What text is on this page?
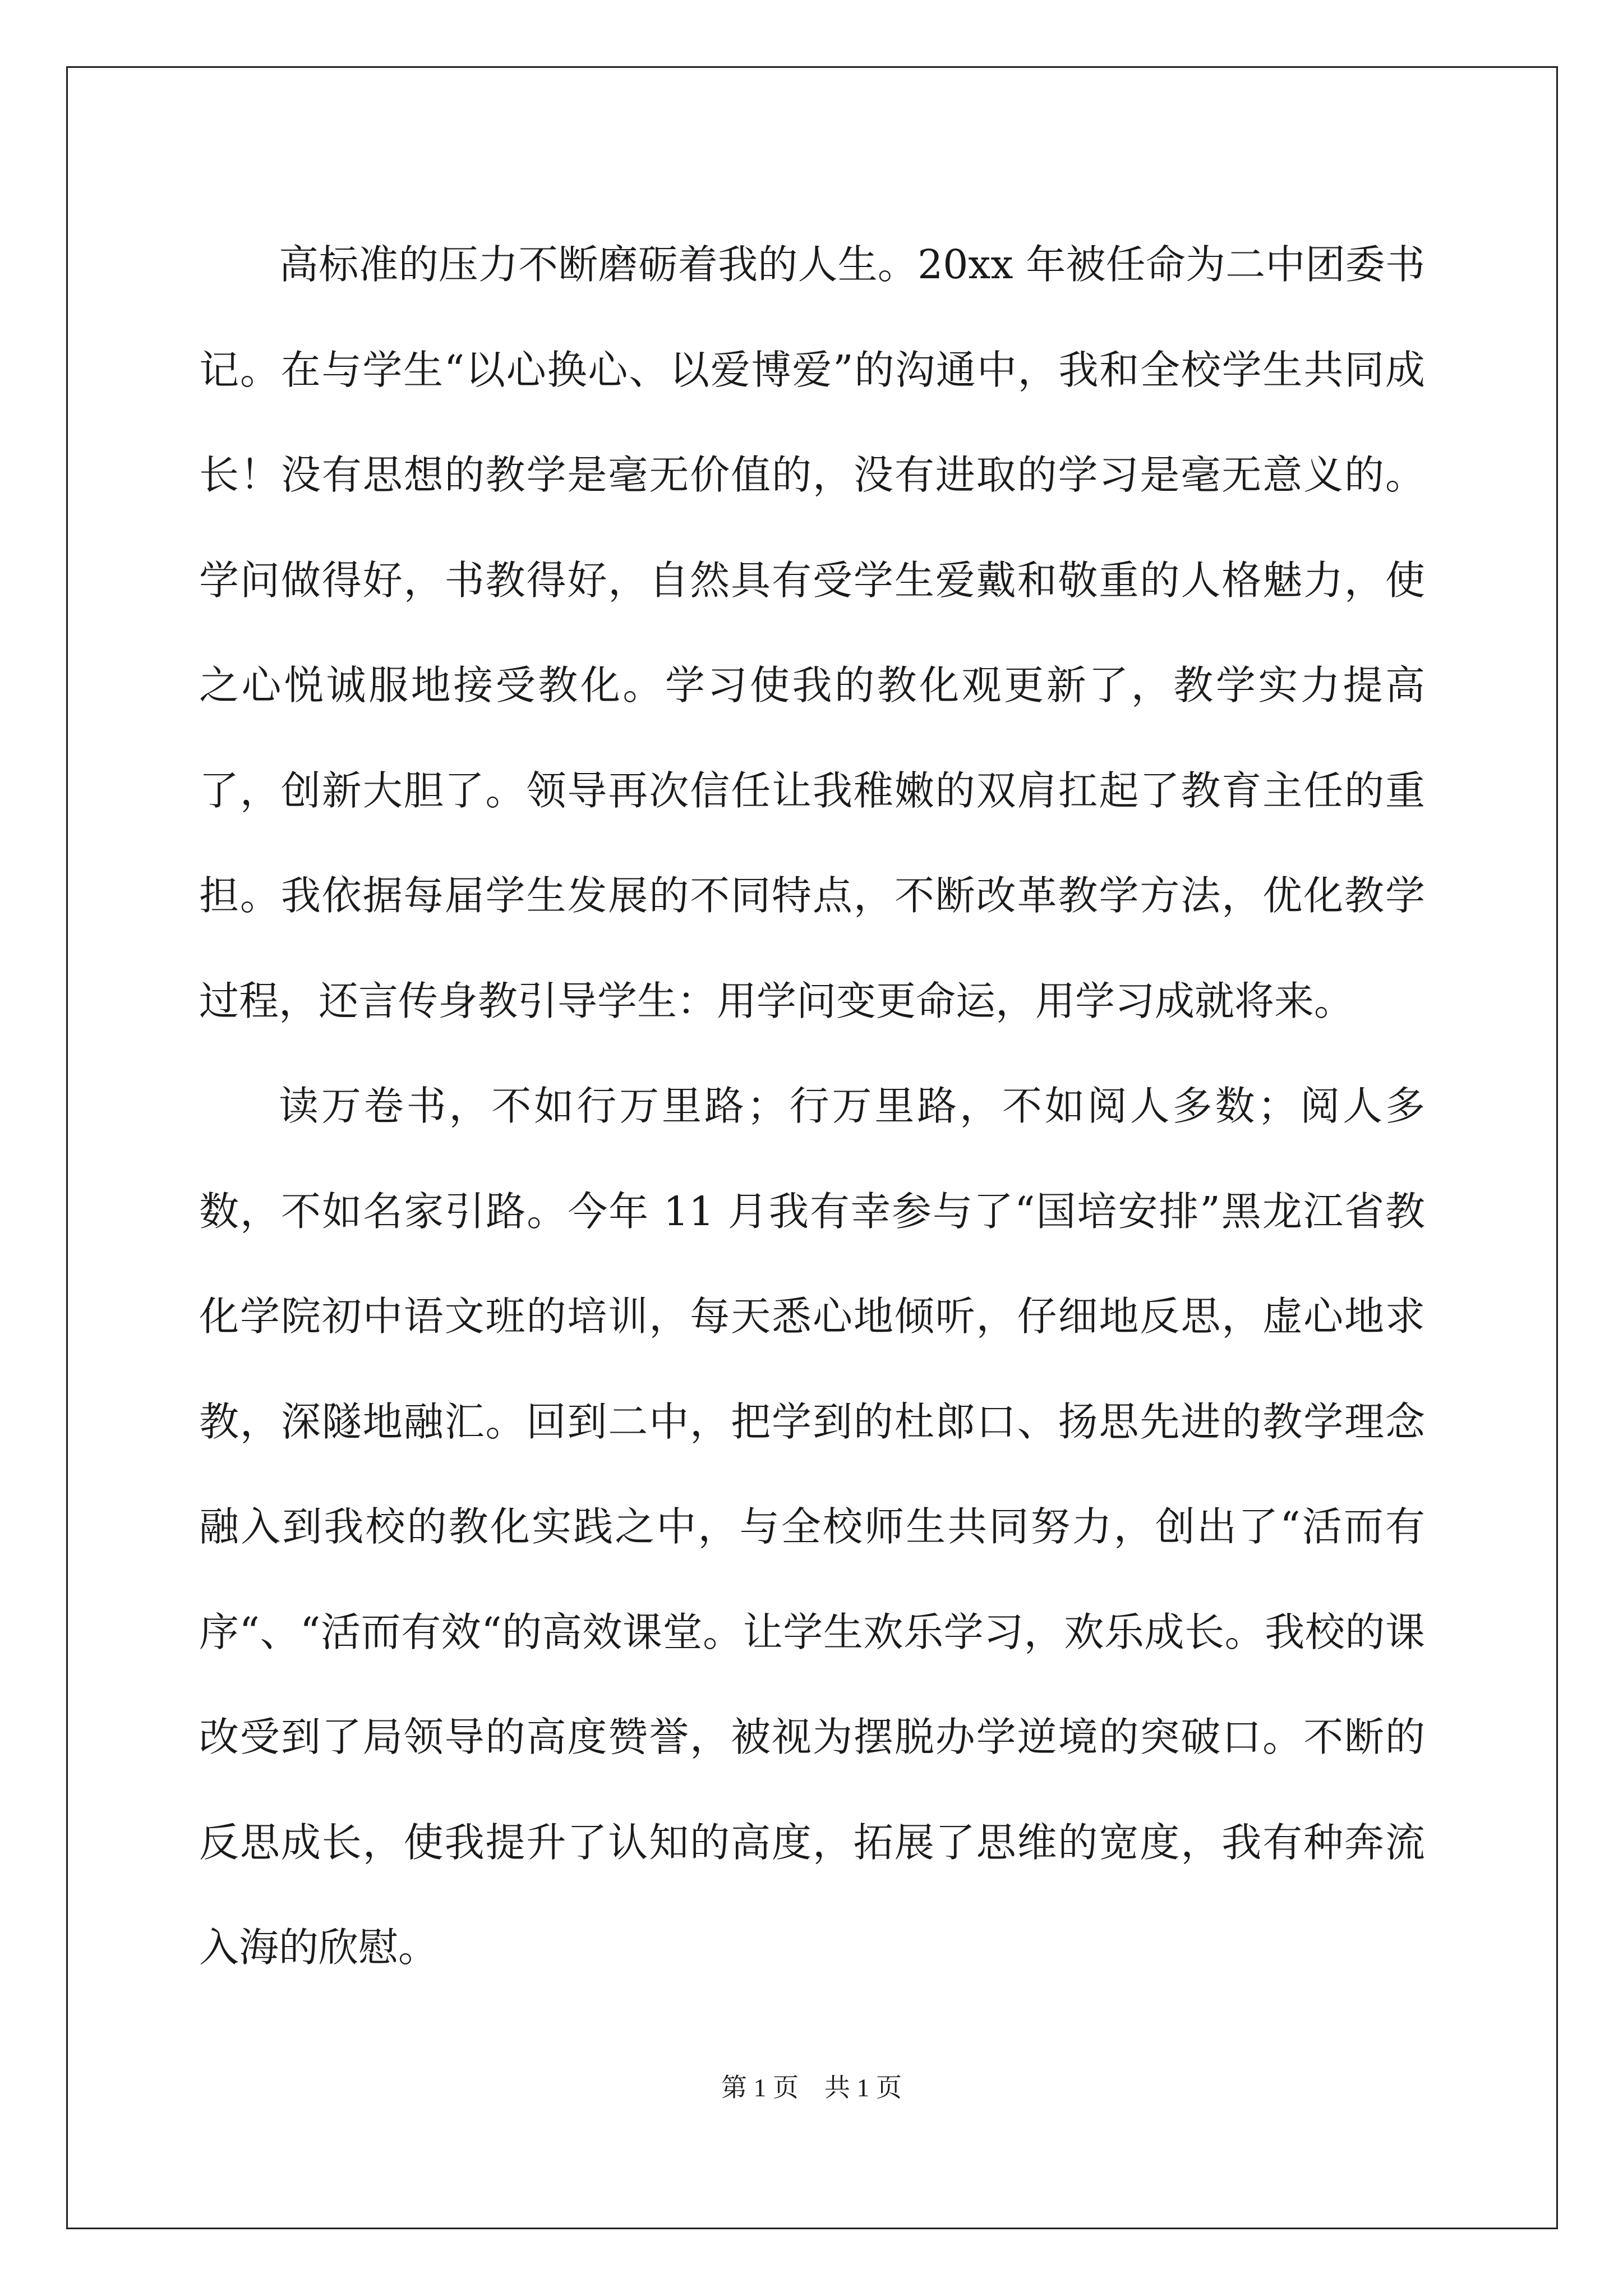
高标准的压力不断磨砺着我的人生。20xx 年被任命为二中团委书记。在与学生“以心换心、以爱博爱”的沟通中，我和全校学生共同成长！没有思想的教学是毫无价值的，没有进取的学习是毫无意义的。学问做得好，书教得好，自然具有受学生爱戴和敬重的人格魅力，使之心悦诚服地接受教化。学习使我的教化观更新了，教学实力提高了，创新大胆了。领导再次信任让我稚嫩的双肩扛起了教育主任的重担。我依据每届学生发展的不同特点，不断改革教学方法，优化教学过程，还言传身教引导学生：用学问变更命运，用学习成就将来。

读万卷书，不如行万里路；行万里路，不如阅人多数；阅人多数，不如名家引路。今年 11 月我有幸参与了“国培安排”黑龙江省教化学院初中语文班的培训，每天悉心地倾听，仔细地反思，虚心地求教，深隧地融汇。回到二中，把学到的杜郎口、扬思先进的教学理念融入到我校的教化实践之中，与全校师生共同努力，创出了“活而有序“、“活而有效“的高效课堂。让学生欢乐学习，欢乐成长。我校的课改受到了局领导的高度赞誉，被视为摆脱办学逆境的突破口。不断的反思成长，使我提升了认知的高度，拓展了思维的宽度，我有种奔流入海的欣慰。

第 1 页　共 1 页
